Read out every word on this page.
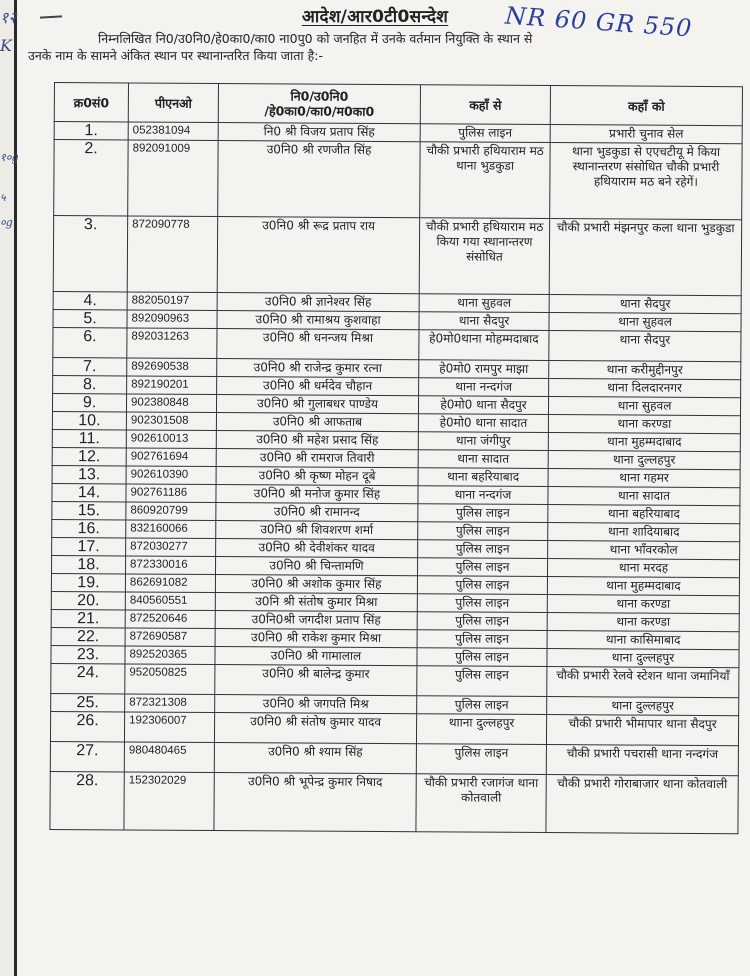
१२
K
१०g
५
०g
आदेश/आर0टी0सन्देश	NR 60 GR 550
निम्नलिखित नि0/उ0नि0/हे0का0/का0 ना0पु0 को जनहित में उनके वर्तमान नियुक्ति के स्थान से
उनके नाम के सामने अंकित स्थान पर स्थानान्तरित किया जाता है:-
क्र0सं0	पीएनओ	नि0/उ0नि0
/हे0का0/का0/म0का0	कहाँ से	कहाँ को
1.	052381094	नि0 श्री विजय प्रताप सिंह	पुलिस लाइन	प्रभारी चुनाव सेल
2.	892091009	उ0नि0 श्री रणजीत सिंह	चौकी प्रभारी हथियाराम मठ थाना भुडकुडा	थाना भुडकुडा से एएचटीयू मे किया स्थानान्तरण संसोधित चौकी प्रभारी हथियाराम मठ बने रहेगें।
3.	872090778	उ0नि0 श्री रूद्र प्रताप राय	चौकी प्रभारी हथियाराम मठ किया गया स्थानान्तरण संसोधित	चौकी प्रभारी मंझनपुर कला थाना भुडकुडा
4.	882050197	उ0नि0 श्री ज्ञानेश्वर सिंह	थाना सुहवल	थाना सैदपुर
5.	892090963	उ0नि0 श्री रामाश्रय कुशवाहा	थाना सैदपुर	थाना सुहवल
6.	892031263	उ0नि0 श्री धनन्जय मिश्रा	हे0मो0थाना मोहम्मदाबाद	थाना सैदपुर
7.	892690538	उ0नि0 श्री राजेन्द्र कुमार रत्ना	हे0मो0 रामपुर माझा	थाना करीमुद्दीनपुर
8.	892190201	उ0नि0 श्री धर्मदेव चौहान	थाना नन्दगंज	थाना दिलदारनगर
9.	902380848	उ0नि0 श्री गुलाबधर पाण्डेय	हे0मो0 थाना सैदपुर	थाना सुहवल
10.	902301508	उ0नि0 श्री आफताब	हे0मो0 थाना सादात	थाना करण्डा
11.	902610013	उ0नि0 श्री महेश प्रसाद सिंह	थाना जंगीपुर	थाना मुहम्मदाबाद
12.	902761694	उ0नि0 श्री रामराज तिवारी	थाना सादात	थाना दुल्लहपुर
13.	902610390	उ0नि0 श्री कृष्ण मोहन दूबे	थाना बहरियाबाद	थाना गहमर
14.	902761186	उ0नि0 श्री मनोज कुमार सिंह	थाना नन्दगंज	थाना सादात
15.	860920799	उ0नि0 श्री रामानन्द	पुलिस लाइन	थाना बहरियाबाद
16.	832160066	उ0नि0 श्री शिवशरण शर्मा	पुलिस लाइन	थाना शादियाबाद
17.	872030277	उ0नि0 श्री देवीशंकर यादव	पुलिस लाइन	थाना भाँवरकोल
18.	872330016	उ0नि0 श्री चिन्तामणि	पुलिस लाइन	थाना मरदह
19.	862691082	उ0नि0 श्री अशोक कुमार सिंह	पुलिस लाइन	थाना मुहम्मदाबाद
20.	840560551	उ0नि श्री संतोष कुमार मिश्रा	पुलिस लाइन	थाना करण्डा
21.	872520646	उ0नि0श्री जगदीश प्रताप सिंह	पुलिस लाइन	थाना करण्डा
22.	872690587	उ0नि0 श्री राकेश कुमार मिश्रा	पुलिस लाइन	थाना कासिमाबाद
23.	892520365	उ0नि0 श्री गामालाल	पुलिस लाइन	थाना दुल्लहपुर
24.	952050825	उ0नि0 श्री बालेन्द्र कुमार	पुलिस लाइन	चौकी प्रभारी रेलवे स्टेशन थाना जमानियाँ
25.	872321308	उ0नि0 श्री जगपति मिश्र	पुलिस लाइन	थाना दुल्लहपुर
26.	192306007	उ0नि0 श्री संतोष कुमार यादव	थााना दुल्लहपुर	चौकी प्रभारी भीमापार थाना सैदपुर
27.	980480465	उ0नि0 श्री श्याम सिंह	पुलिस लाइन	चौकी प्रभारी पचरासी थाना नन्दगंज
28.	152302029	उ0नि0 श्री भूपेन्द्र कुमार निषाद	चौकी प्रभारी रजागंज थाना कोतवाली	चौकी प्रभारी गोराबाजार थाना कोतवाली
